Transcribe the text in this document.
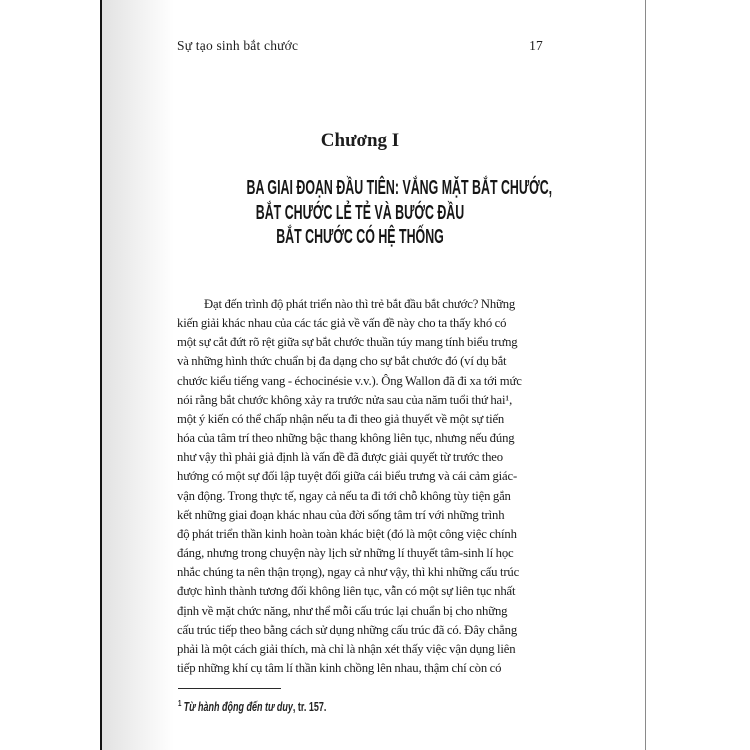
Sự tạo sinh bắt chước	17
Chương I
BA GIAI ĐOẠN ĐẦU TIÊN: VẮNG MẶT BẮT CHƯỚC,
BẮT CHƯỚC LẺ TẺ VÀ BƯỚC ĐẦU
BẮT CHƯỚC CÓ HỆ THỐNG
Đạt đến trình độ phát triển nào thì trẻ bắt đầu bắt chước? Những
kiến giải khác nhau của các tác giả về vấn đề này cho ta thấy khó có
một sự cắt đứt rõ rệt giữa sự bắt chước thuần túy mang tính biểu trưng
và những hình thức chuẩn bị đa dạng cho sự bắt chước đó (ví dụ bắt
chước kiểu tiếng vang - échocinésie v.v.). Ông Wallon đã đi xa tới mức
nói rằng bắt chước không xảy ra trước nửa sau của năm tuổi thứ hai¹,
một ý kiến có thể chấp nhận nếu ta đi theo giả thuyết về một sự tiến
hóa của tâm trí theo những bậc thang không liên tục, nhưng nếu đúng
như vậy thì phải giả định là vấn đề đã được giải quyết từ trước theo
hướng có một sự đối lập tuyệt đối giữa cái biểu trưng và cái cảm giác-
vận động. Trong thực tế, ngay cả nếu ta đi tới chỗ không tùy tiện gắn
kết những giai đoạn khác nhau của đời sống tâm trí với những trình
độ phát triển thần kinh hoàn toàn khác biệt (đó là một công việc chính
đáng, nhưng trong chuyện này lịch sử những lí thuyết tâm-sinh lí học
nhắc chúng ta nên thận trọng), ngay cả như vậy, thì khi những cấu trúc
được hình thành tương đối không liên tục, vẫn có một sự liên tục nhất
định về mặt chức năng, như thể mỗi cấu trúc lại chuẩn bị cho những
cấu trúc tiếp theo bằng cách sử dụng những cấu trúc đã có. Đây chẳng
phải là một cách giải thích, mà chỉ là nhận xét thấy việc vận dụng liên
tiếp những khí cụ tâm lí thần kinh chồng lên nhau, thậm chí còn có
$^1$ Từ hành động đến tư duy, tr. 157.
